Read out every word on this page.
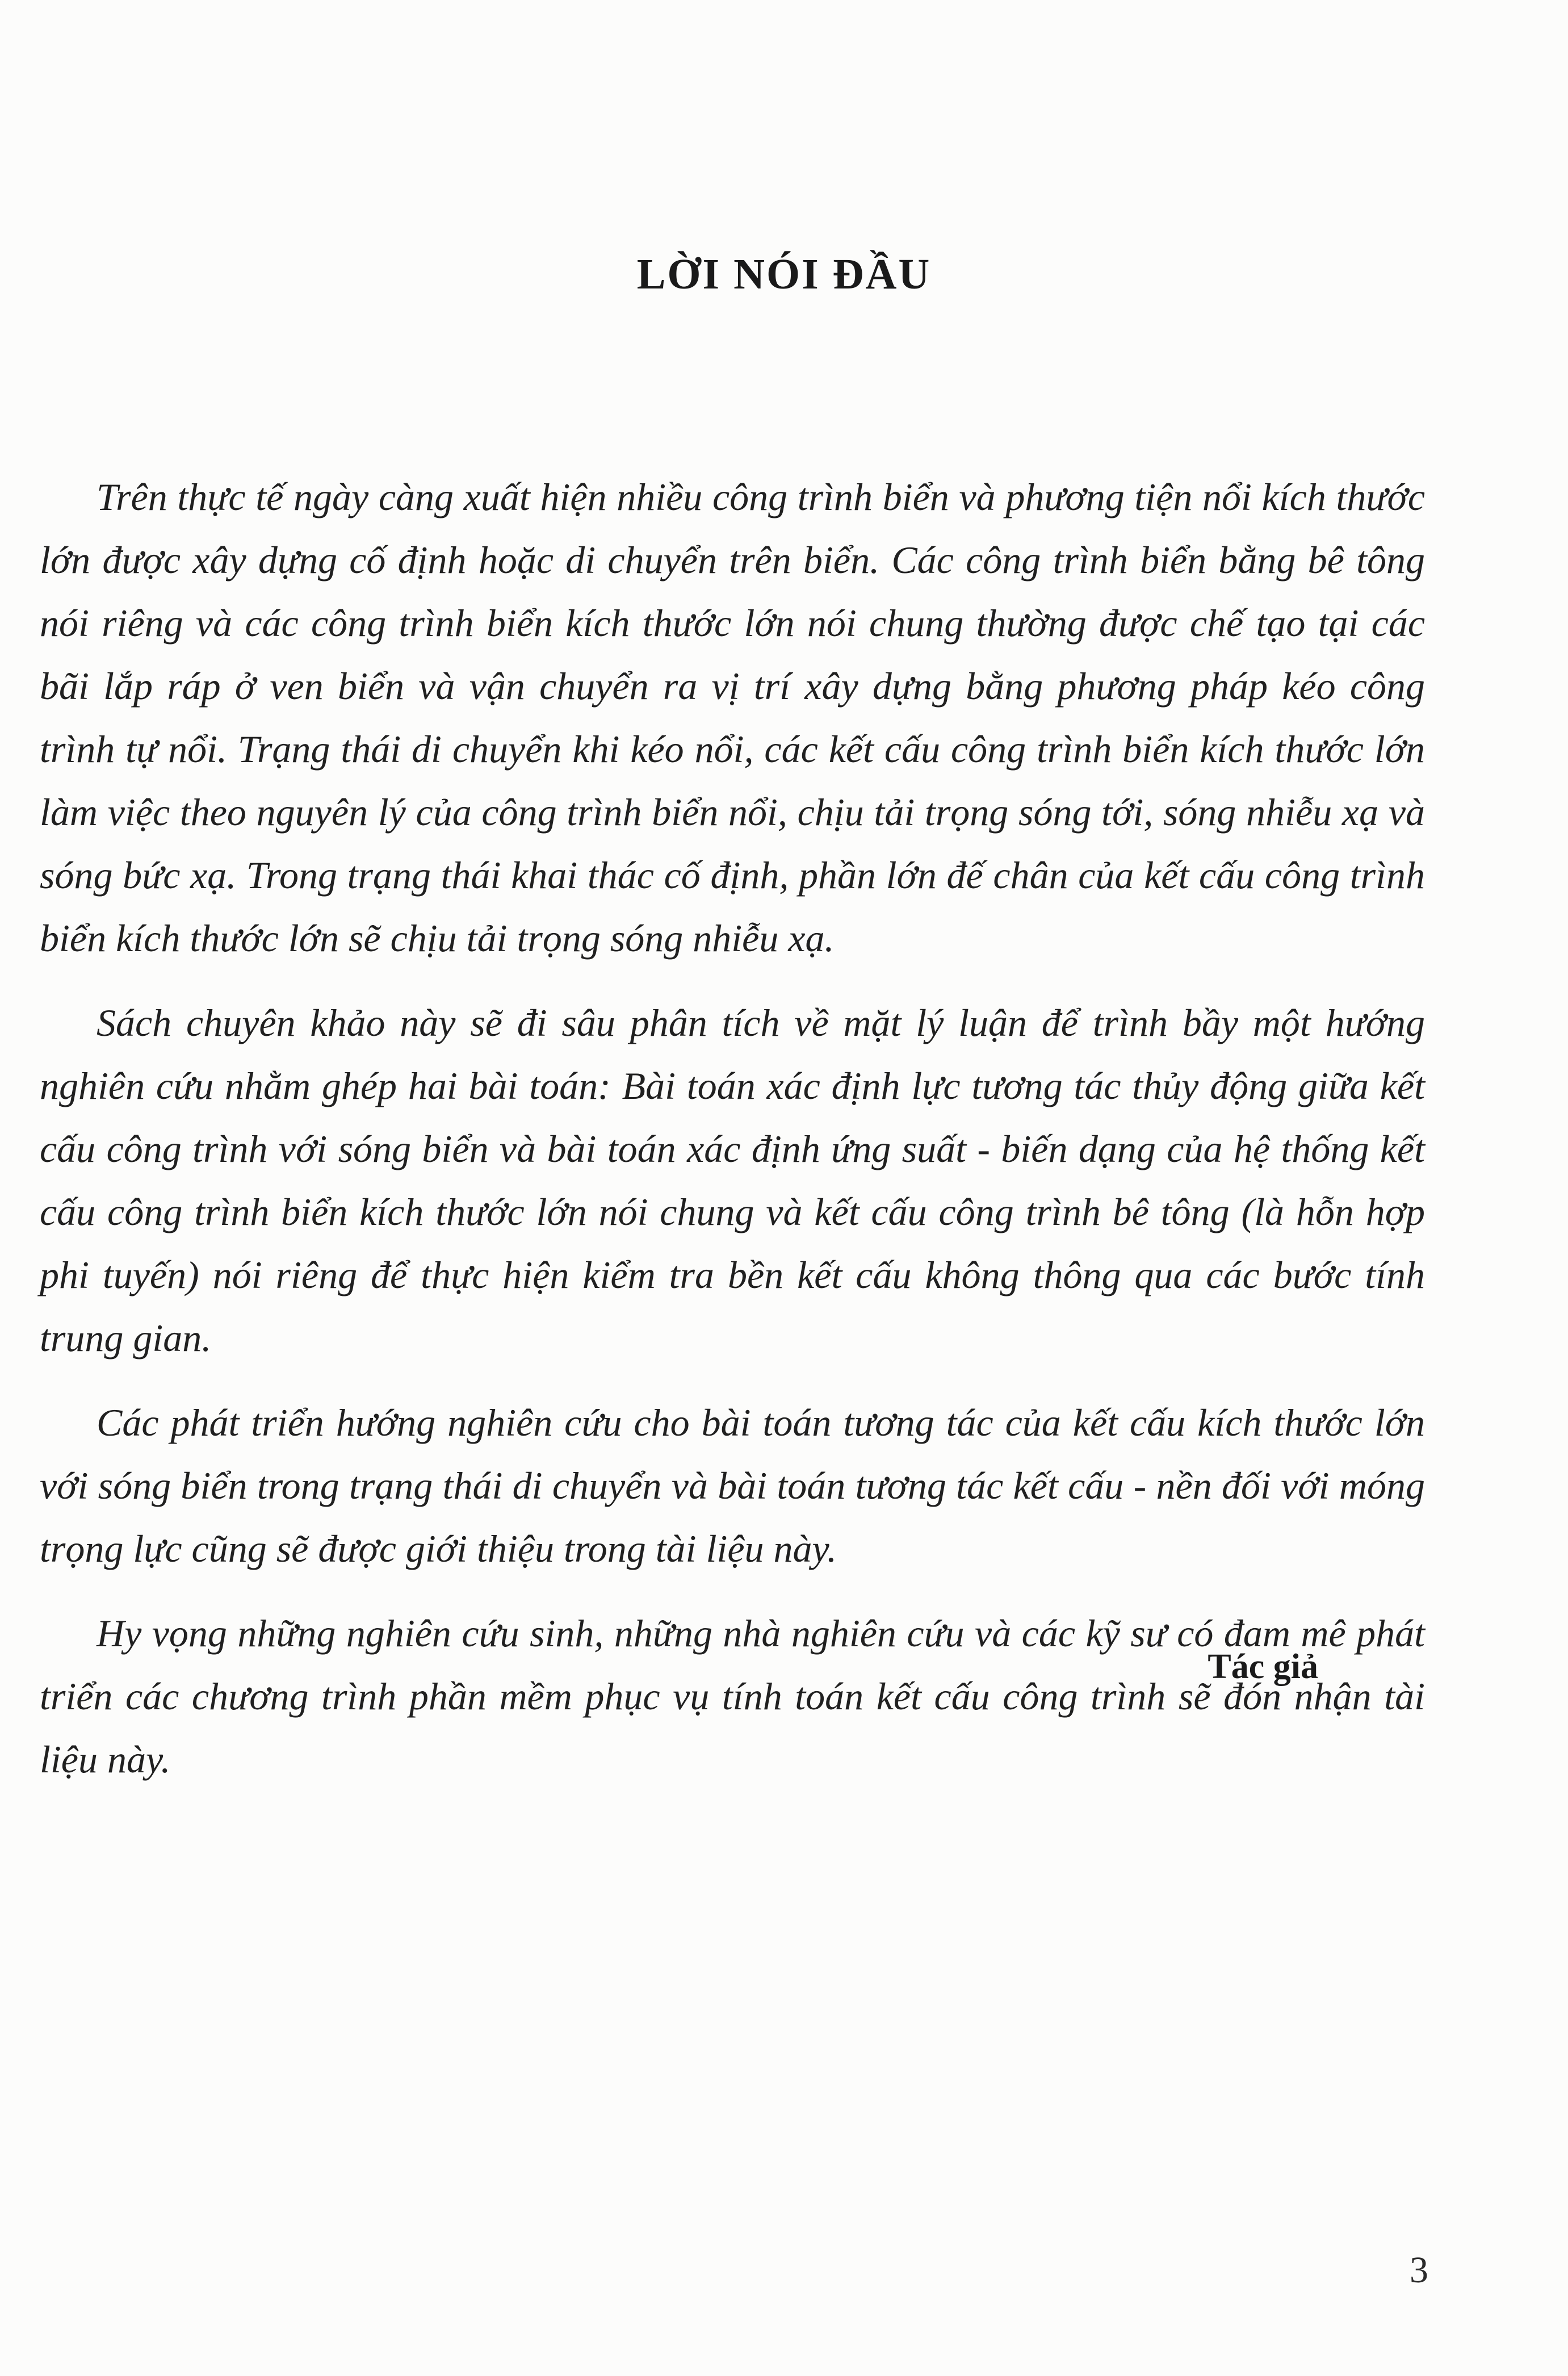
LỜI NÓI ĐẦU

Trên thực tế ngày càng xuất hiện nhiều công trình biển và phương tiện nổi kích thước lớn được xây dựng cố định hoặc di chuyển trên biển. Các công trình biển bằng bê tông nói riêng và các công trình biển kích thước lớn nói chung thường được chế tạo tại các bãi lắp ráp ở ven biển và vận chuyển ra vị trí xây dựng bằng phương pháp kéo công trình tự nổi. Trạng thái di chuyển khi kéo nổi, các kết cấu công trình biển kích thước lớn làm việc theo nguyên lý của công trình biển nổi, chịu tải trọng sóng tới, sóng nhiễu xạ và sóng bức xạ. Trong trạng thái khai thác cố định, phần lớn đế chân của kết cấu công trình biển kích thước lớn sẽ chịu tải trọng sóng nhiễu xạ.

Sách chuyên khảo này sẽ đi sâu phân tích về mặt lý luận để trình bầy một hướng nghiên cứu nhằm ghép hai bài toán: Bài toán xác định lực tương tác thủy động giữa kết cấu công trình với sóng biển và bài toán xác định ứng suất - biến dạng của hệ thống kết cấu công trình biển kích thước lớn nói chung và kết cấu công trình bê tông (là hỗn hợp phi tuyến) nói riêng để thực hiện kiểm tra bền kết cấu không thông qua các bước tính trung gian.

Các phát triển hướng nghiên cứu cho bài toán tương tác của kết cấu kích thước lớn với sóng biển trong trạng thái di chuyển và bài toán tương tác kết cấu - nền đối với móng trọng lực cũng sẽ được giới thiệu trong tài liệu này.

Hy vọng những nghiên cứu sinh, những nhà nghiên cứu và các kỹ sư có đam mê phát triển các chương trình phần mềm phục vụ tính toán kết cấu công trình sẽ đón nhận tài liệu này.

Tác giả
3
